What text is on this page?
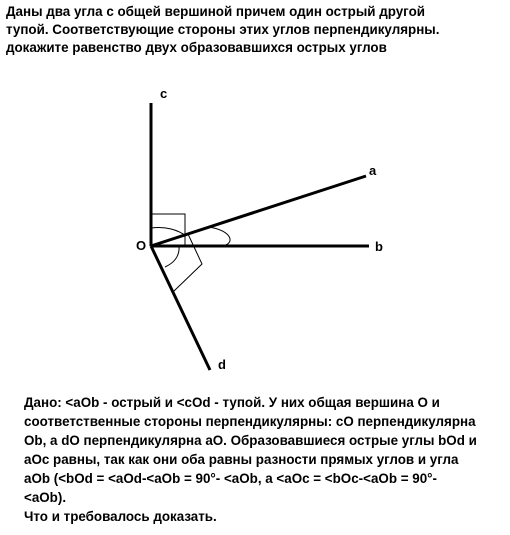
Даны два угла с общей вершиной причем один острый другой
тупой. Соответствующие стороны этих углов перпендикулярны.
докажите равенство двух образовавшихся острых углов
c
a
O	b
d
Дано: <aOb - острый и <cOd - тупой. У них общая вершина О и
соответственные стороны перпендикулярны: cO перпендикулярна
Ob, а dO перпендикулярна aO. Образовавшиеся острые углы bOd и
aOc равны, так как они оба равны разности прямых углов и угла
aOb (<bOd = <aOd-<aOb = 90°- <aOb, а <aOc = <bOc-<aOb = 90°-
<aOb).
Что и требовалось доказать.
